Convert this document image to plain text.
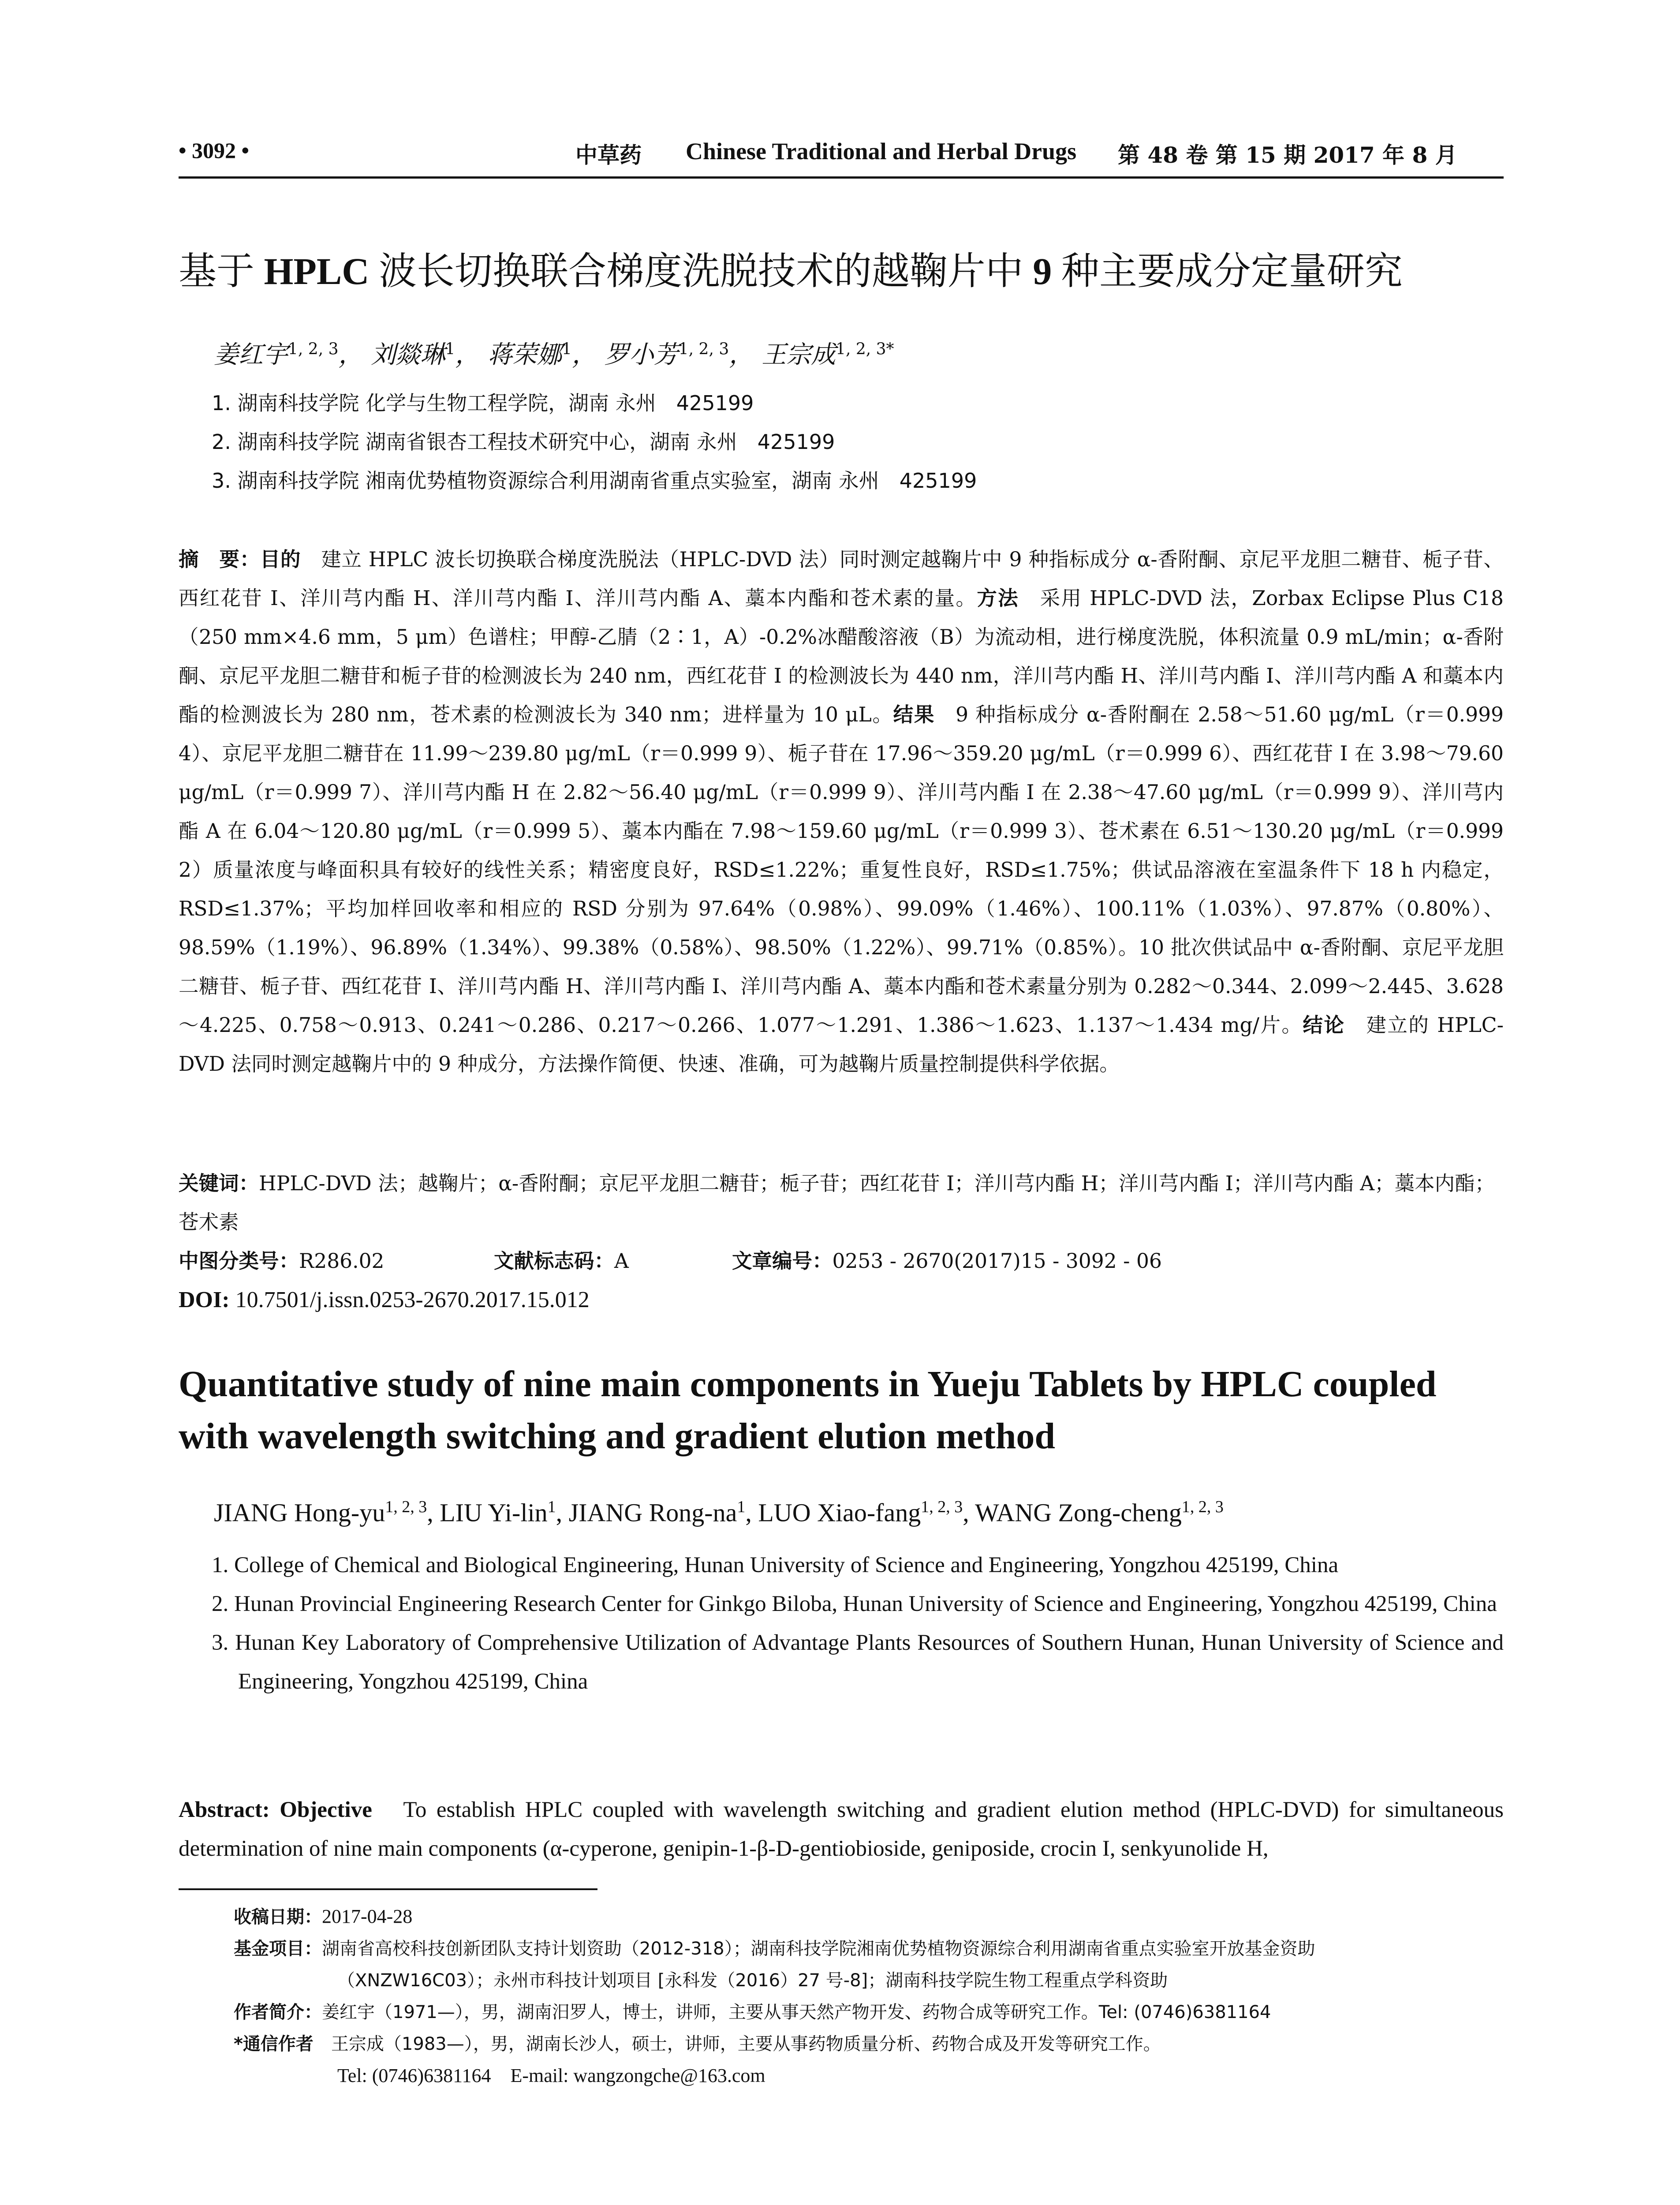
• 3092 •	中草药 Chinese Traditional and Herbal Drugs 第 48 卷 第 15 期 2017 年 8 月
基于 HPLC 波长切换联合梯度洗脱技术的越鞠片中 9 种主要成分定量研究
姜红宇$^{1, 2, 3}$， 刘燚琳$^1$， 蒋荣娜$^1$， 罗小芳$^{1, 2, 3}$， 王宗成$^{1, 2, 3*}$
1. 湖南科技学院 化学与生物工程学院，湖南 永州　425199
2. 湖南科技学院 湖南省银杏工程技术研究中心，湖南 永州　425199
3. 湖南科技学院 湘南优势植物资源综合利用湖南省重点实验室，湖南 永州　425199
摘　要：目的　建立 HPLC 波长切换联合梯度洗脱法（HPLC-DVD 法）同时测定越鞠片中 9 种指标成分 α-香附酮、京尼平龙胆二糖苷、栀子苷、西红花苷 I、洋川芎内酯 H、洋川芎内酯 I、洋川芎内酯 A、藁本内酯和苍术素的量。方法　采用 HPLC-DVD 法，Zorbax Eclipse Plus C18（250 mm×4.6 mm，5 μm）色谱柱；甲醇-乙腈（2∶1，A）-0.2%冰醋酸溶液（B）为流动相，进行梯度洗脱，体积流量 0.9 mL/min；α-香附酮、京尼平龙胆二糖苷和栀子苷的检测波长为 240 nm，西红花苷 I 的检测波长为 440 nm，洋川芎内酯 H、洋川芎内酯 I、洋川芎内酯 A 和藁本内酯的检测波长为 280 nm，苍术素的检测波长为 340 nm；进样量为 10 μL。结果　9 种指标成分 α-香附酮在 2.58～51.60 μg/mL（r＝0.999 4）、京尼平龙胆二糖苷在 11.99～239.80 μg/mL（r＝0.999 9）、栀子苷在 17.96～359.20 μg/mL（r＝0.999 6）、西红花苷 I 在 3.98～79.60 μg/mL（r＝0.999 7）、洋川芎内酯 H 在 2.82～56.40 μg/mL（r＝0.999 9）、洋川芎内酯 I 在 2.38～47.60 μg/mL（r＝0.999 9）、洋川芎内酯 A 在 6.04～120.80 μg/mL（r＝0.999 5）、藁本内酯在 7.98～159.60 μg/mL（r＝0.999 3）、苍术素在 6.51～130.20 μg/mL（r＝0.999 2）质量浓度与峰面积具有较好的线性关系；精密度良好，RSD≤1.22%；重复性良好，RSD≤1.75%；供试品溶液在室温条件下 18 h 内稳定，RSD≤1.37%；平均加样回收率和相应的 RSD 分别为 97.64%（0.98%）、99.09%（1.46%）、100.11%（1.03%）、97.87%（0.80%）、98.59%（1.19%）、96.89%（1.34%）、99.38%（0.58%）、98.50%（1.22%）、99.71%（0.85%）。10 批次供试品中 α-香附酮、京尼平龙胆二糖苷、栀子苷、西红花苷 I、洋川芎内酯 H、洋川芎内酯 I、洋川芎内酯 A、藁本内酯和苍术素量分别为 0.282～0.344、2.099～2.445、3.628～4.225、0.758～0.913、0.241～0.286、0.217～0.266、1.077～1.291、1.386～1.623、1.137～1.434 mg/片。结论　建立的 HPLC-DVD 法同时测定越鞠片中的 9 种成分，方法操作简便、快速、准确，可为越鞠片质量控制提供科学依据。
关键词：HPLC-DVD 法；越鞠片；α-香附酮；京尼平龙胆二糖苷；栀子苷；西红花苷 I；洋川芎内酯 H；洋川芎内酯 I；洋川芎内酯 A；藁本内酯；苍术素
中图分类号：R286.02	文献标志码：A	文章编号：0253 - 2670(2017)15 - 3092 - 06
DOI: 10.7501/j.issn.0253-2670.2017.15.012
Quantitative study of nine main components in Yueju Tablets by HPLC coupled with wavelength switching and gradient elution method
JIANG Hong-yu$^{1, 2, 3}$, LIU Yi-lin$^1$, JIANG Rong-$na^1$, LUO Xiao-fang$^{1, 2, 3}$, WANG Zong-cheng$^{1, 2, 3}$
1. College of Chemical and Biological Engineering, Hunan University of Science and Engineering, Yongzhou 425199, China
2. Hunan Provincial Engineering Research Center for Ginkgo Biloba, Hunan University of Science and Engineering, Yongzhou 425199, China
3. Hunan Key Laboratory of Comprehensive Utilization of Advantage Plants Resources of Southern Hunan, Hunan University of Science and Engineering, Yongzhou 425199, China
Abstract: Objective　To establish HPLC coupled with wavelength switching and gradient elution method (HPLC-DVD) for simultaneous determination of nine main components (α-cyperone, genipin-1-β-D-gentiobioside, geniposide, crocin I, senkyunolide H,
收稿日期：2017-04-28
基金项目：湖南省高校科技创新团队支持计划资助（2012-318）；湖南科技学院湘南优势植物资源综合利用湖南省重点实验室开放基金资助
（XNZW16C03）；永州市科技计划项目 [永科发（2016）27 号-8]；湖南科技学院生物工程重点学科资助
作者简介：姜红宇（1971—），男，湖南汨罗人，博士，讲师，主要从事天然产物开发、药物合成等研究工作。Tel: (0746)6381164
*通信作者　王宗成（1983—），男，湖南长沙人，硕士，讲师，主要从事药物质量分析、药物合成及开发等研究工作。
Tel: (0746)6381164　E-mail: wangzongche@163.com
